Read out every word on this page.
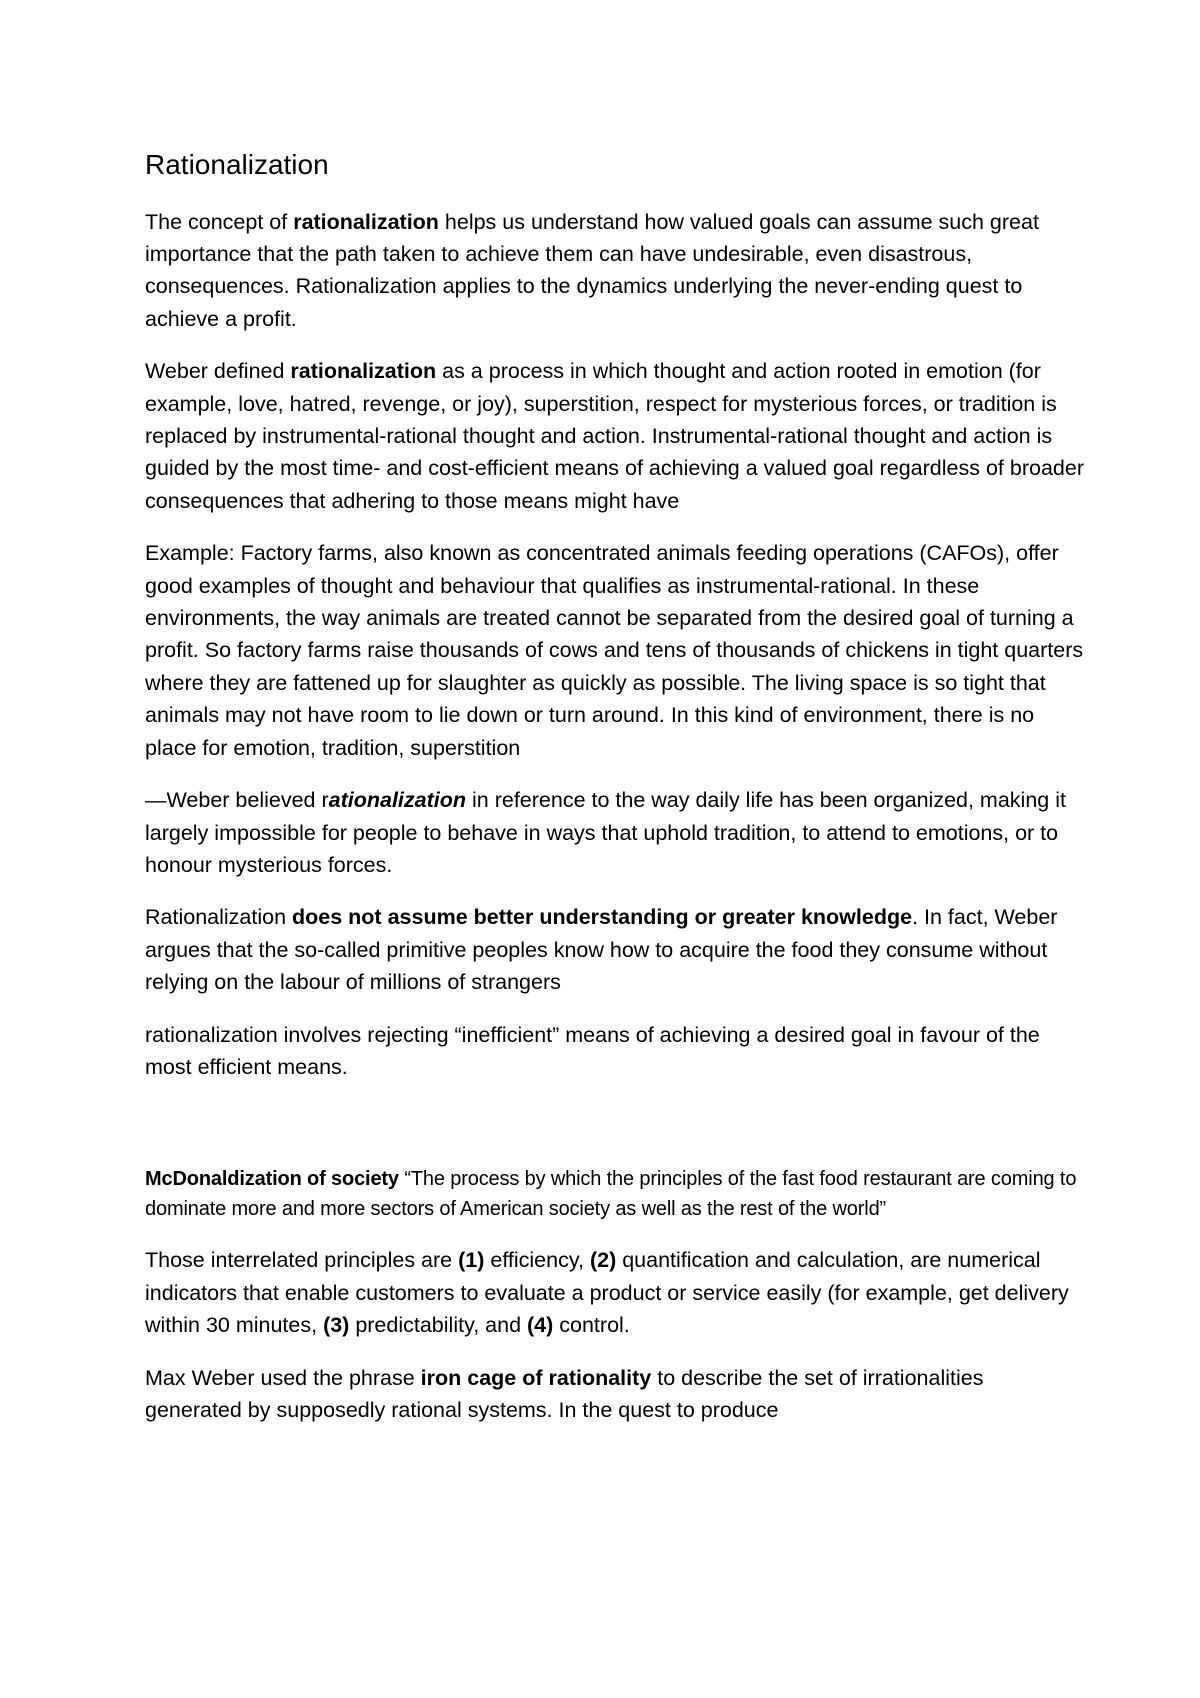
Rationalization

The concept of rationalization helps us understand how valued goals can assume such great importance that the path taken to achieve them can have undesirable, even disastrous, consequences. Rationalization applies to the dynamics underlying the never-ending quest to achieve a profit.

Weber defined rationalization as a process in which thought and action rooted in emotion (for example, love, hatred, revenge, or joy), superstition, respect for mysterious forces, or tradition is replaced by instrumental-rational thought and action. Instrumental-rational thought and action is guided by the most time- and cost-efficient means of achieving a valued goal regardless of broader consequences that adhering to those means might have

Example: Factory farms, also known as concentrated animals feeding operations (CAFOs), offer good examples of thought and behaviour that qualifies as instrumental-rational. In these environments, the way animals are treated cannot be separated from the desired goal of turning a profit. So factory farms raise thousands of cows and tens of thousands of chickens in tight quarters where they are fattened up for slaughter as quickly as possible. The living space is so tight that animals may not have room to lie down or turn around. In this kind of environment, there is no place for emotion, tradition, superstition

—Weber believed rationalization in reference to the way daily life has been organized, making it largely impossible for people to behave in ways that uphold tradition, to attend to emotions, or to honour mysterious forces.

Rationalization does not assume better understanding or greater knowledge. In fact, Weber argues that the so-called primitive peoples know how to acquire the food they consume without relying on the labour of millions of strangers

rationalization involves rejecting “inefficient” means of achieving a desired goal in favour of the most efficient means.

McDonaldization of society “The process by which the principles of the fast food restaurant are coming to dominate more and more sectors of American society as well as the rest of the world”

Those interrelated principles are (1) efficiency, (2) quantification and calculation, are numerical indicators that enable customers to evaluate a product or service easily (for example, get delivery within 30 minutes, (3) predictability, and (4) control.

Max Weber used the phrase iron cage of rationality to describe the set of irrationalities generated by supposedly rational systems. In the quest to produce
